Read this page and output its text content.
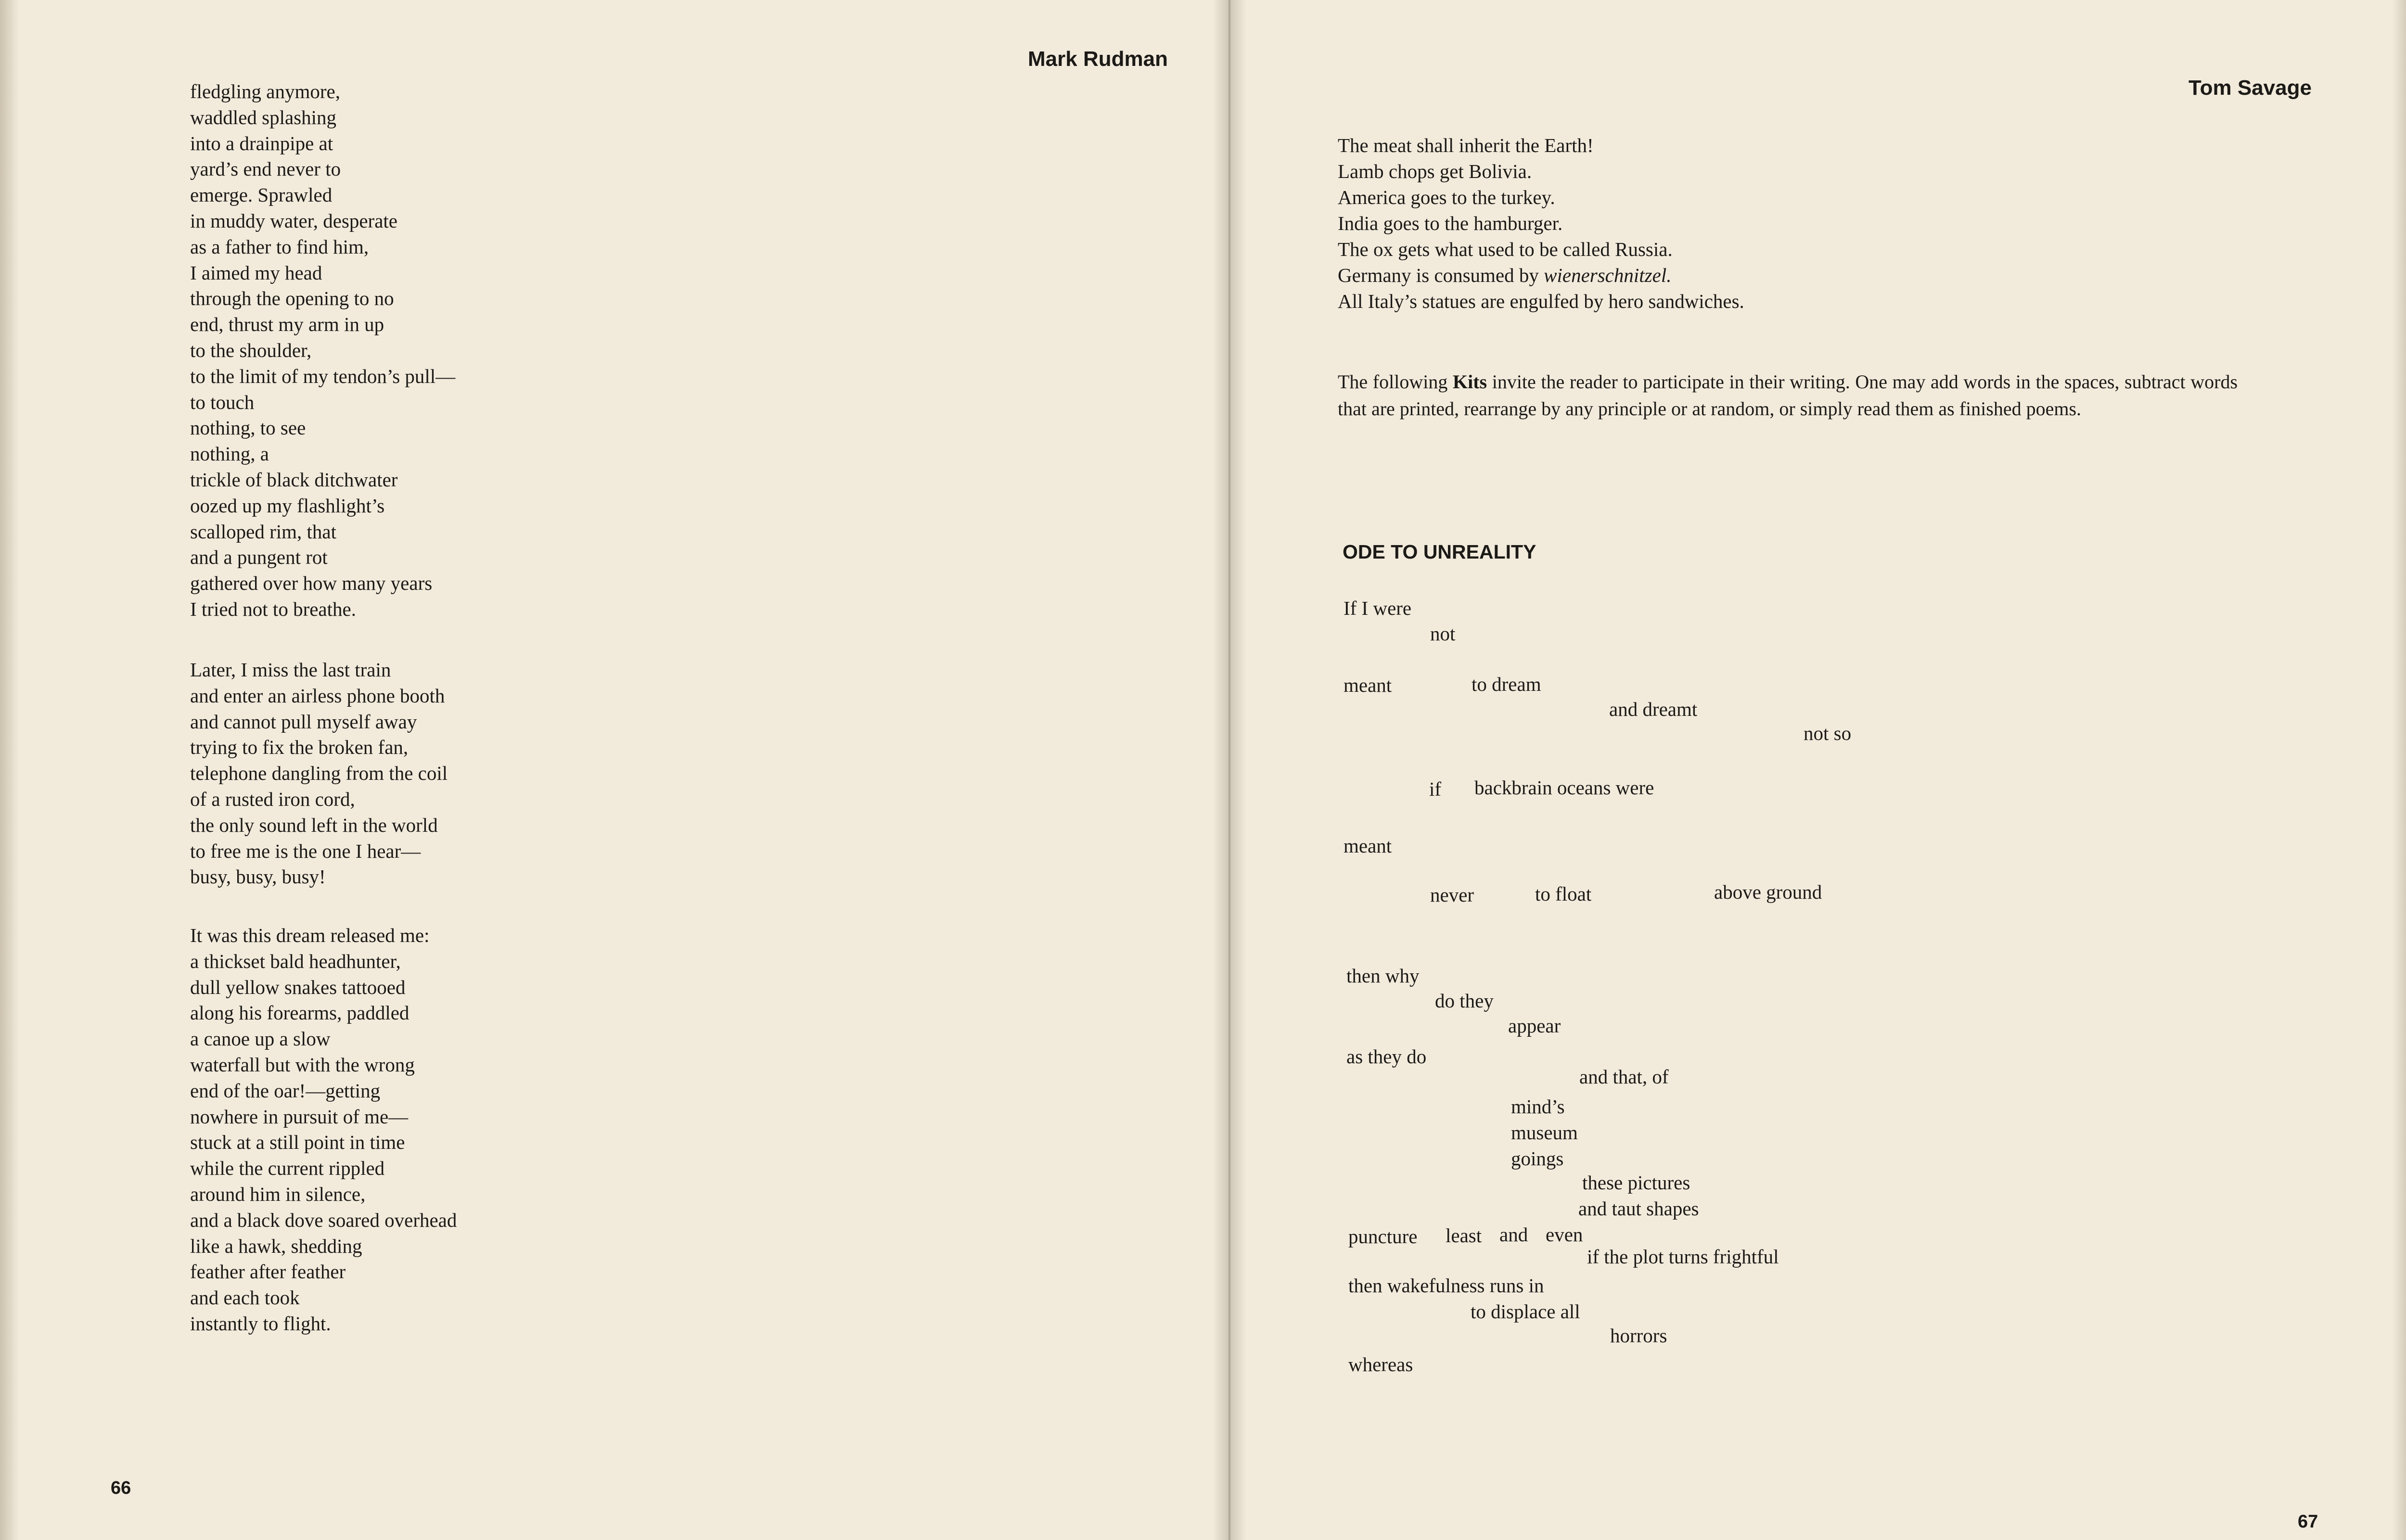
Mark Rudman
fledgling anymore,
waddled splashing
into a drainpipe at
yard’s end never to
emerge. Sprawled
in muddy water, desperate
as a father to find him,
I aimed my head
through the opening to no
end, thrust my arm in up
to the shoulder,
to the limit of my tendon’s pull—
to touch
nothing, to see
nothing, a
trickle of black ditchwater
oozed up my flashlight’s
scalloped rim, that
and a pungent rot
gathered over how many years
I tried not to breathe.
Later, I miss the last train
and enter an airless phone booth
and cannot pull myself away
trying to fix the broken fan,
telephone dangling from the coil
of a rusted iron cord,
the only sound left in the world
to free me is the one I hear—
busy, busy, busy!
It was this dream released me:
a thickset bald headhunter,
dull yellow snakes tattooed
along his forearms, paddled
a canoe up a slow
waterfall but with the wrong
end of the oar!—getting
nowhere in pursuit of me—
stuck at a still point in time
while the current rippled
around him in silence,
and a black dove soared overhead
like a hawk, shedding
feather after feather
and each took
instantly to flight.
66
Tom Savage
The meat shall inherit the Earth!
Lamb chops get Bolivia.
America goes to the turkey.
India goes to the hamburger.
The ox gets what used to be called Russia.
Germany is consumed by wienerschnitzel.
All Italy’s statues are engulfed by hero sandwiches.

The following Kits invite the reader to participate in their writing. One may add words in the spaces, subtract words that are printed, rearrange by any principle or at random, or simply read them as finished poems.

ODE TO UNREALITY
If I were
not
meant	to dream
and dreamt
not so
if backbrain oceans were
meant
never	to float	above ground
then why
do they
appear
as they do
and that, of
mind’s
museum
goings
these pictures
and taut shapes
puncture least and even
if the plot turns frightful
then wakefulness runs in
to displace all
horrors
whereas
67
